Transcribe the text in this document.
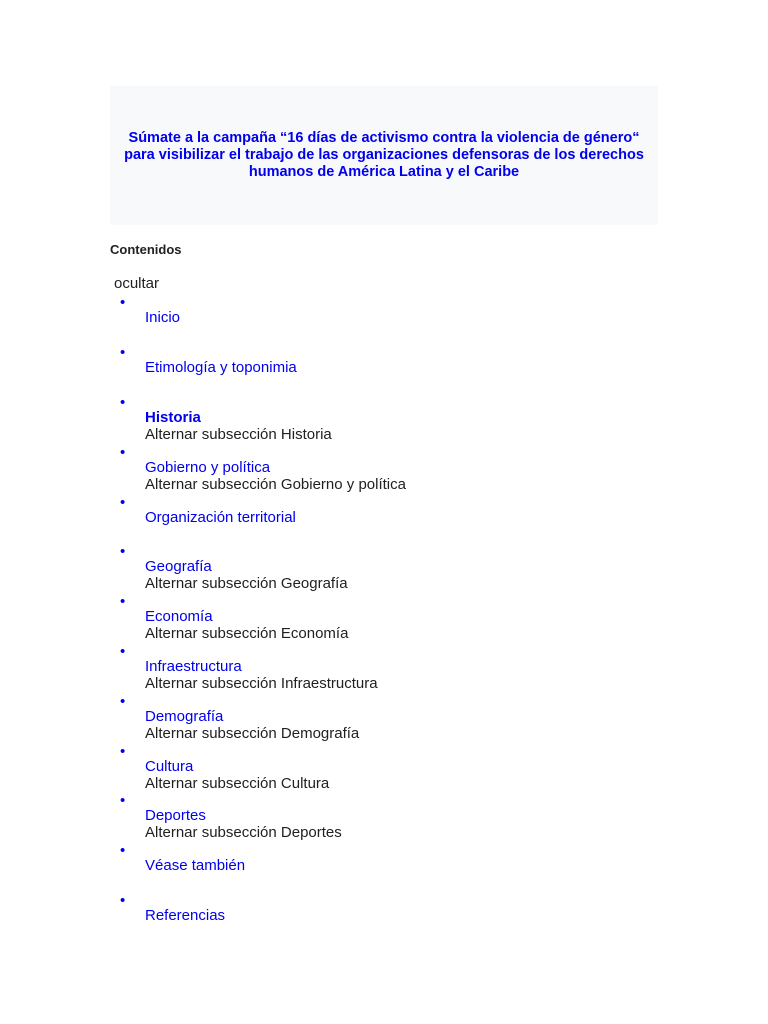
Súmate a la campaña “16 días de activismo contra la violencia de género“
para visibilizar el trabajo de las organizaciones defensoras de los derechos
humanos de América Latina y el Caribe
Contenidos
ocultar
•
Inicio
•
Etimología y toponimia
•
Historia
Alternar subsección Historia
•
Gobierno y política
Alternar subsección Gobierno y política
•
Organización territorial
•
Geografía
Alternar subsección Geografía
•
Economía
Alternar subsección Economía
•
Infraestructura
Alternar subsección Infraestructura
•
Demografía
Alternar subsección Demografía
•
Cultura
Alternar subsección Cultura
•
Deportes
Alternar subsección Deportes
•
Véase también
•
Referencias
